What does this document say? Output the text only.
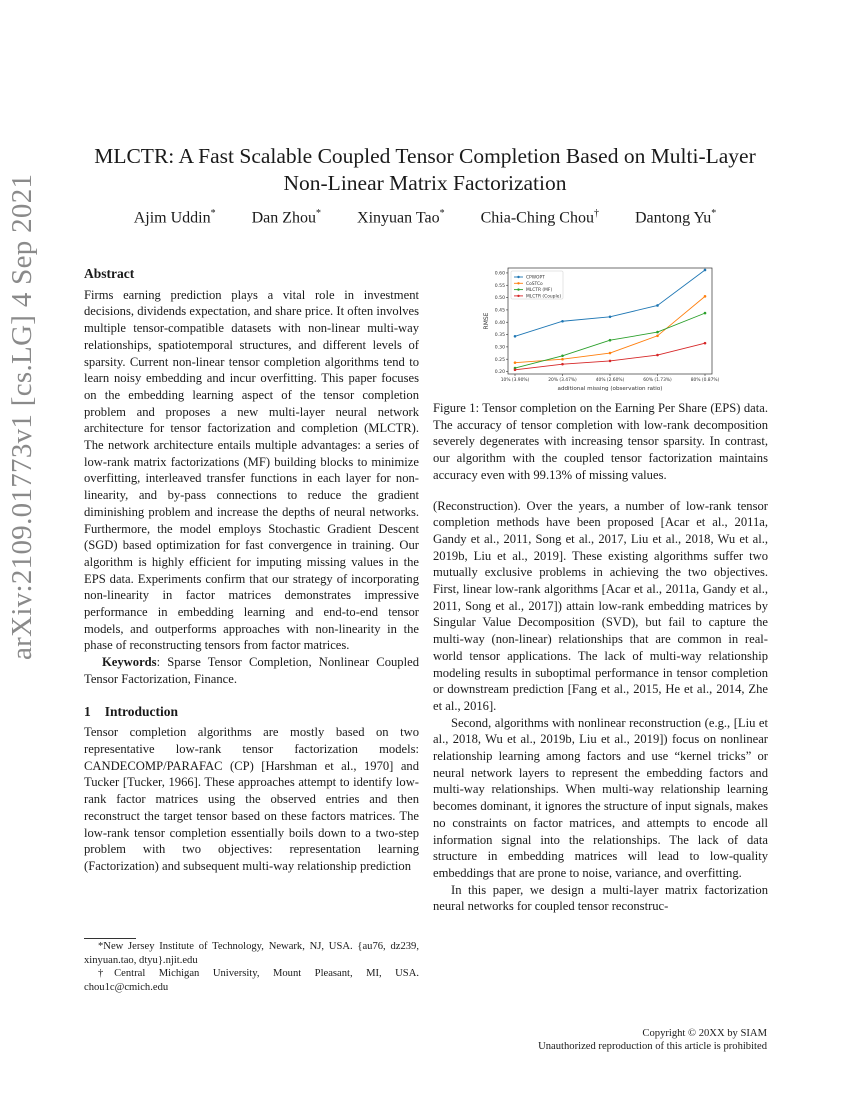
arXiv:2109.01773v1 [cs.LG] 4 Sep 2021
MLCTR: A Fast Scalable Coupled Tensor Completion Based on Multi-Layer
Non-Linear Matrix Factorization
Ajim Uddin* Dan Zhou* Xinyuan Tao* Chia-Ching Chou† Dantong Yu*
Abstract

Firms earning prediction plays a vital role in investment decisions, dividends expectation, and share price. It often involves multiple tensor-compatible datasets with non-linear multi-way relationships, spatiotemporal structures, and different levels of sparsity. Current non-linear tensor completion algorithms tend to learn noisy embedding and incur overfitting. This paper focuses on the embedding learning aspect of the tensor completion problem and proposes a new multi-layer neural network architecture for tensor factorization and completion (MLCTR). The network architecture entails multiple advantages: a series of low-rank matrix factorizations (MF) building blocks to minimize overfitting, interleaved transfer functions in each layer for non-linearity, and by-pass connections to reduce the gradient diminishing problem and increase the depths of neural networks. Furthermore, the model employs Stochastic Gradient Descent (SGD) based optimization for fast convergence in training. Our algorithm is highly efficient for imputing missing values in the EPS data. Experiments confirm that our strategy of incorporating non-linearity in factor matrices demonstrates impressive performance in embedding learning and end-to-end tensor models, and outperforms approaches with non-linearity in the phase of reconstructing tensors from factor matrices.

Keywords: Sparse Tensor Completion, Nonlinear Coupled Tensor Factorization, Finance.

1 Introduction

Tensor completion algorithms are mostly based on two representative low-rank tensor factorization models: CANDECOMP/PARAFAC (CP) [Harshman et al., 1970] and Tucker [Tucker, 1966]. These approaches attempt to identify low-rank factor matrices using the observed entries and then reconstruct the target tensor based on these factors matrices. The low-rank tensor completion essentially boils down to a two-step problem with two objectives: representation learning (Factorization) and subsequent multi-way relationship prediction

*New Jersey Institute of Technology, Newark, NJ, USA. {au76, dz239, xinyuan.tao, dtyu}.njit.edu

†Central Michigan University, Mount Pleasant, MI, USA. chou1c@cmich.edu

0.20
0.25
0.30
0.35
0.40
0.45
0.50
0.55
0.60
10% (3.90%)	20% (3.47%)	40% (2.60%)	60% (1.73%)	80% (0.87%)
additional missing (observation ratio)
RMSE
CPWOPT
CoSTCo
MLCTR (MF)
MLCTR (Couple)

Figure 1: Tensor completion on the Earning Per Share (EPS) data. The accuracy of tensor completion with low-rank decomposition severely degenerates with increasing tensor sparsity. In contrast, our algorithm with the coupled tensor factorization maintains accuracy even with 99.13% of missing values.

(Reconstruction). Over the years, a number of low-rank tensor completion methods have been proposed [Acar et al., 2011a, Gandy et al., 2011, Song et al., 2017, Liu et al., 2018, Wu et al., 2019b, Liu et al., 2019]. These existing algorithms suffer two mutually exclusive problems in achieving the two objectives. First, linear low-rank algorithms [Acar et al., 2011a, Gandy et al., 2011, Song et al., 2017]) attain low-rank embedding matrices by Singular Value Decomposition (SVD), but fail to capture the multi-way (non-linear) relationships that are common in real-world tensor applications. The lack of multi-way relationship modeling results in suboptimal performance in tensor completion or downstream prediction [Fang et al., 2015, He et al., 2014, Zhe et al., 2016].

Second, algorithms with nonlinear reconstruction (e.g., [Liu et al., 2018, Wu et al., 2019b, Liu et al., 2019]) focus on nonlinear relationship learning among factors and use “kernel tricks” or neural network layers to represent the embedding factors and multi-way relationships. When multi-way relationship learning becomes dominant, it ignores the structure of input signals, makes no constraints on factor matrices, and attempts to encode all information signal into the relationships. The lack of data structure in embedding matrices will lead to low-quality embeddings that are prone to noise, variance, and overfitting.

In this paper, we design a multi-layer matrix factorization neural networks for coupled tensor reconstruc-

Copyright © 20XX by SIAM
Unauthorized reproduction of this article is prohibited
